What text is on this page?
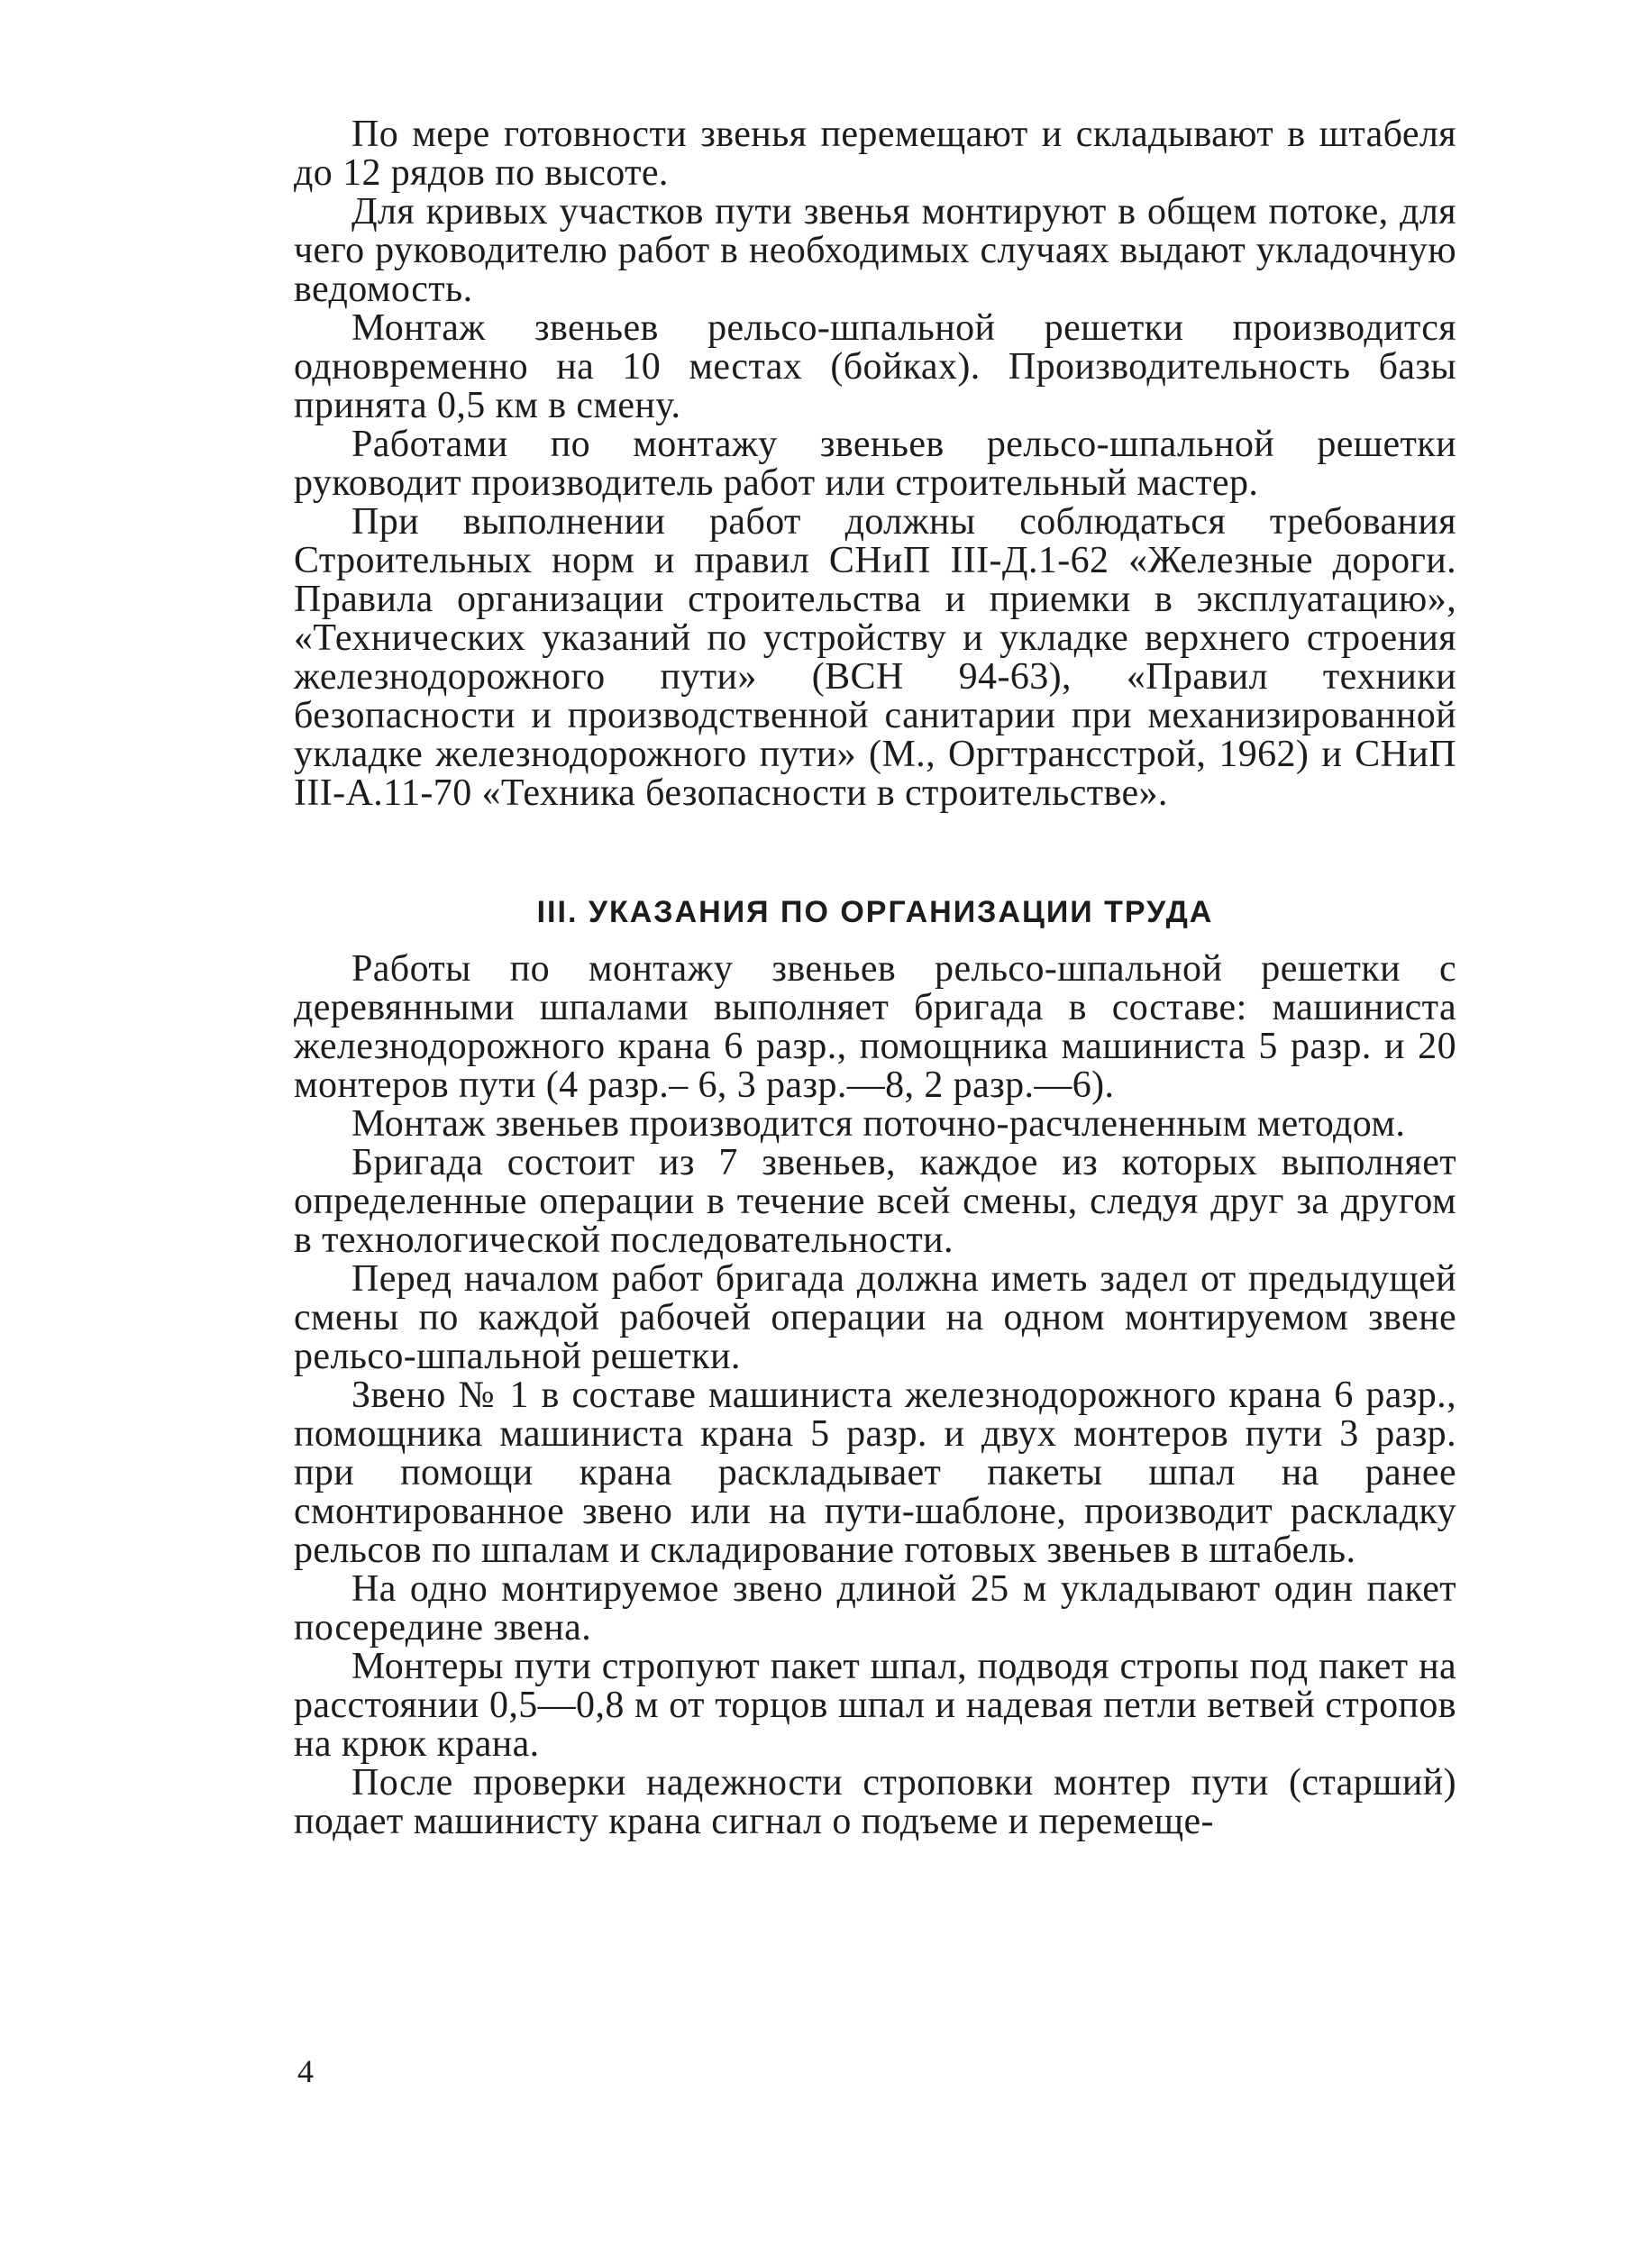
По мере готовности звенья перемещают и складывают в штабеля до 12 рядов по высоте.

Для кривых участков пути звенья монтируют в общем потоке, для чего руководителю работ в необходимых случаях выдают укладочную ведомость.

Монтаж звеньев рельсо-шпальной решетки производится одновременно на 10 местах (бойках). Производительность базы принята 0,5 км в смену.

Работами по монтажу звеньев рельсо-шпальной решетки руководит производитель работ или строительный мастер.

При выполнении работ должны соблюдаться требования Строительных норм и правил СНиП III-Д.1-62 «Железные дороги. Правила организации строительства и приемки в эксплуатацию», «Технических указаний по устройству и укладке верхнего строения железнодорожного пути» (ВСН 94-63), «Правил техники безопасности и производственной санитарии при механизированной укладке железнодорожного пути» (М., Оргтрансстрой, 1962) и СНиП III-А.11-70 «Техника безопасности в строительстве».

III. УКАЗАНИЯ ПО ОРГАНИЗАЦИИ ТРУДА

Работы по монтажу звеньев рельсо-шпальной решетки с деревянными шпалами выполняет бригада в составе: машиниста железнодорожного крана 6 разр., помощника машиниста 5 разр. и 20 монтеров пути (4 разр.– 6, 3 разр.—8, 2 разр.—6).

Монтаж звеньев производится поточно-расчлененным методом.

Бригада состоит из 7 звеньев, каждое из которых выполняет определенные операции в течение всей смены, следуя друг за другом в технологической последовательности.

Перед началом работ бригада должна иметь задел от предыдущей смены по каждой рабочей операции на одном монтируемом звене рельсо-шпальной решетки.

Звено № 1 в составе машиниста железнодорожного крана 6 разр., помощника машиниста крана 5 разр. и двух монтеров пути 3 разр. при помощи крана раскладывает пакеты шпал на ранее смонтированное звено или на пути-шаблоне, производит раскладку рельсов по шпалам и складирование готовых звеньев в штабель.

На одно монтируемое звено длиной 25 м укладывают один пакет посередине звена.

Монтеры пути стропуют пакет шпал, подводя стропы под пакет на расстоянии 0,5—0,8 м от торцов шпал и надевая петли ветвей стропов на крюк крана.

После проверки надежности строповки монтер пути (старший) подает машинисту крана сигнал о подъеме и перемеще-

4
